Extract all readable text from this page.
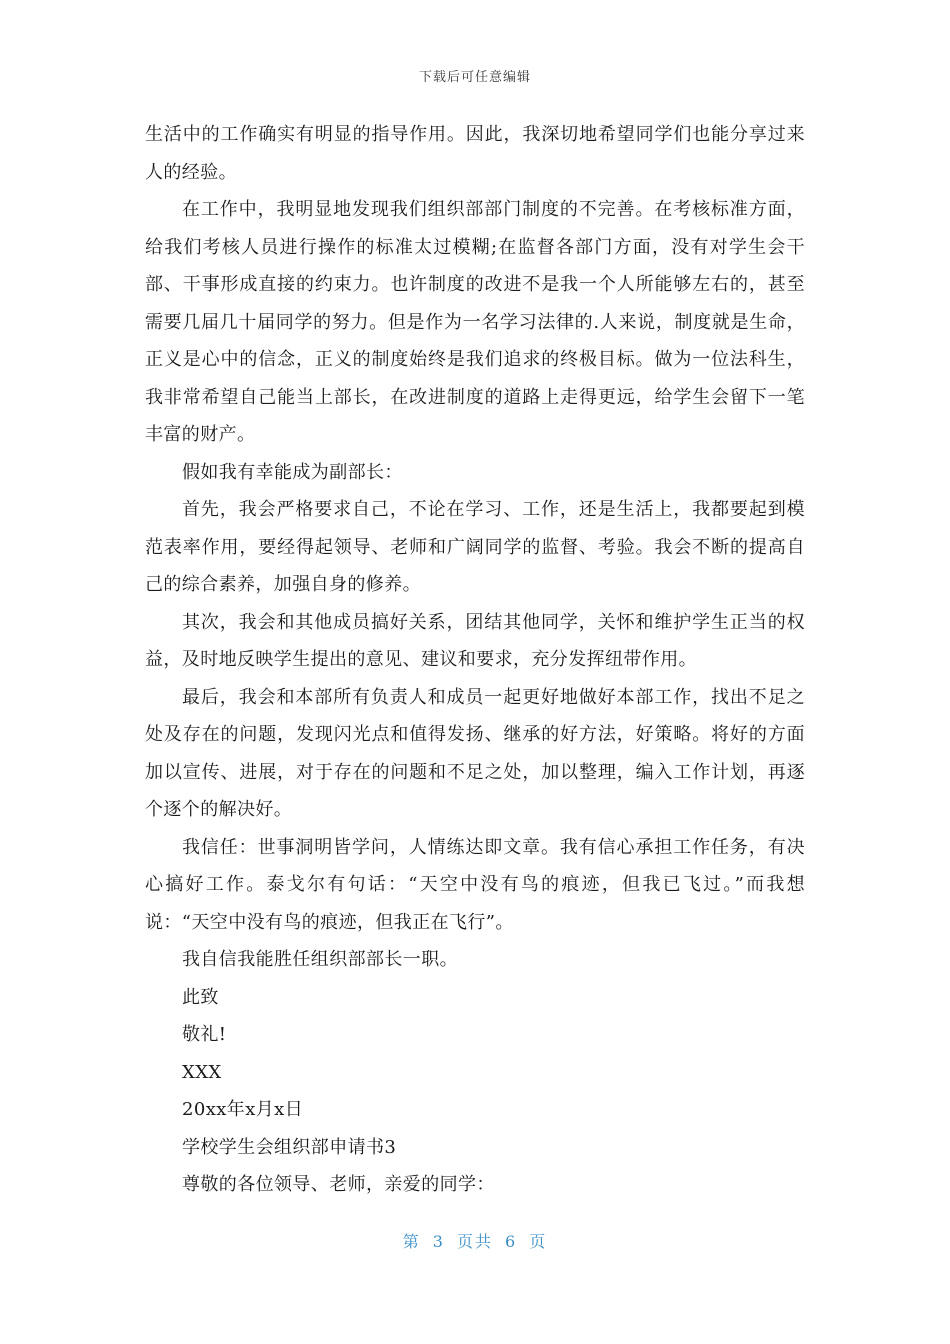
下载后可任意编辑

生活中的工作确实有明显的指导作用。因此，我深切地希望同学们也能分享过来人的经验。

在工作中，我明显地发现我们组织部部门制度的不完善。在考核标准方面，给我们考核人员进行操作的标准太过模糊;在监督各部门方面，没有对学生会干部、干事形成直接的约束力。也许制度的改进不是我一个人所能够左右的，甚至需要几届几十届同学的努力。但是作为一名学习法律的.人来说，制度就是生命，正义是心中的信念，正义的制度始终是我们追求的终极目标。做为一位法科生，我非常希望自己能当上部长，在改进制度的道路上走得更远，给学生会留下一笔丰富的财产。

假如我有幸能成为副部长：

首先，我会严格要求自己，不论在学习、工作，还是生活上，我都要起到模范表率作用，要经得起领导、老师和广阔同学的监督、考验。我会不断的提高自己的综合素养，加强自身的修养。

其次，我会和其他成员搞好关系，团结其他同学，关怀和维护学生正当的权益，及时地反映学生提出的意见、建议和要求，充分发挥纽带作用。

最后，我会和本部所有负责人和成员一起更好地做好本部工作，找出不足之处及存在的问题，发现闪光点和值得发扬、继承的好方法，好策略。将好的方面加以宣传、进展，对于存在的问题和不足之处，加以整理，编入工作计划，再逐个逐个的解决好。

我信任：世事洞明皆学问，人情练达即文章。我有信心承担工作任务，有决心搞好工作。泰戈尔有句话：“天空中没有鸟的痕迹，但我已飞过。”而我想说：“天空中没有鸟的痕迹，但我正在飞行”。

我自信我能胜任组织部部长一职。

此致

敬礼!

XXX

20xx年x月x日

学校学生会组织部申请书3

尊敬的各位领导、老师，亲爱的同学：

第 3 页共 6 页
